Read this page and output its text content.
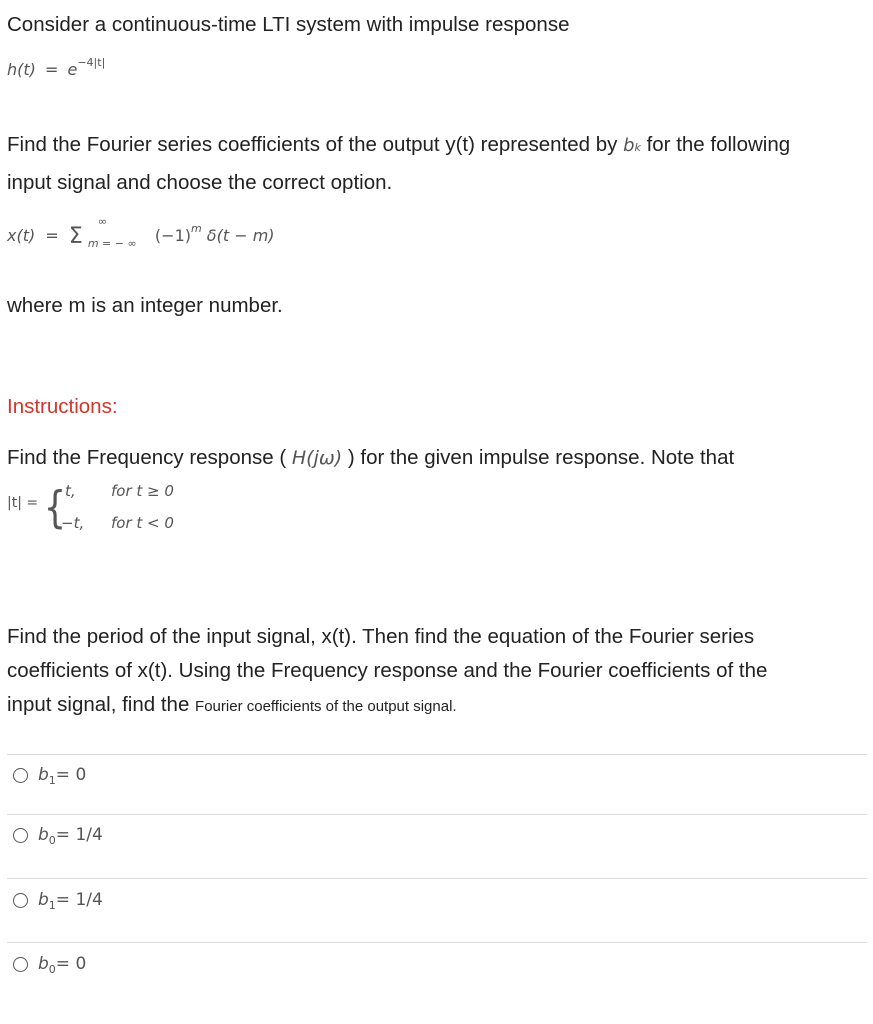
Consider a continuous-time LTI system with impulse response
$h(t) = e^{-4|t|}$
Find the Fourier series coefficients of the output y(t) represented by bk for the following
input signal and choose the correct option.
x(t) = Σ
∞
m = − ∞ $(-1)^m$ δ(t − m)
where m is an integer number.
Instructions:
Find the Frequency response ( H(jω) ) for the given impulse response. Note that
|t| = {
t, for t ≥ 0
−t, for t < 0
Find the period of the input signal, x(t). Then find the equation of the Fourier series
coefficients of x(t). Using the Frequency response and the Fourier coefficients of the
input signal, find the Fourier coefficients of the output signal.
b 1 = 0
b 0 = 1/4
b 1 = 1/4
b 0 = 0
